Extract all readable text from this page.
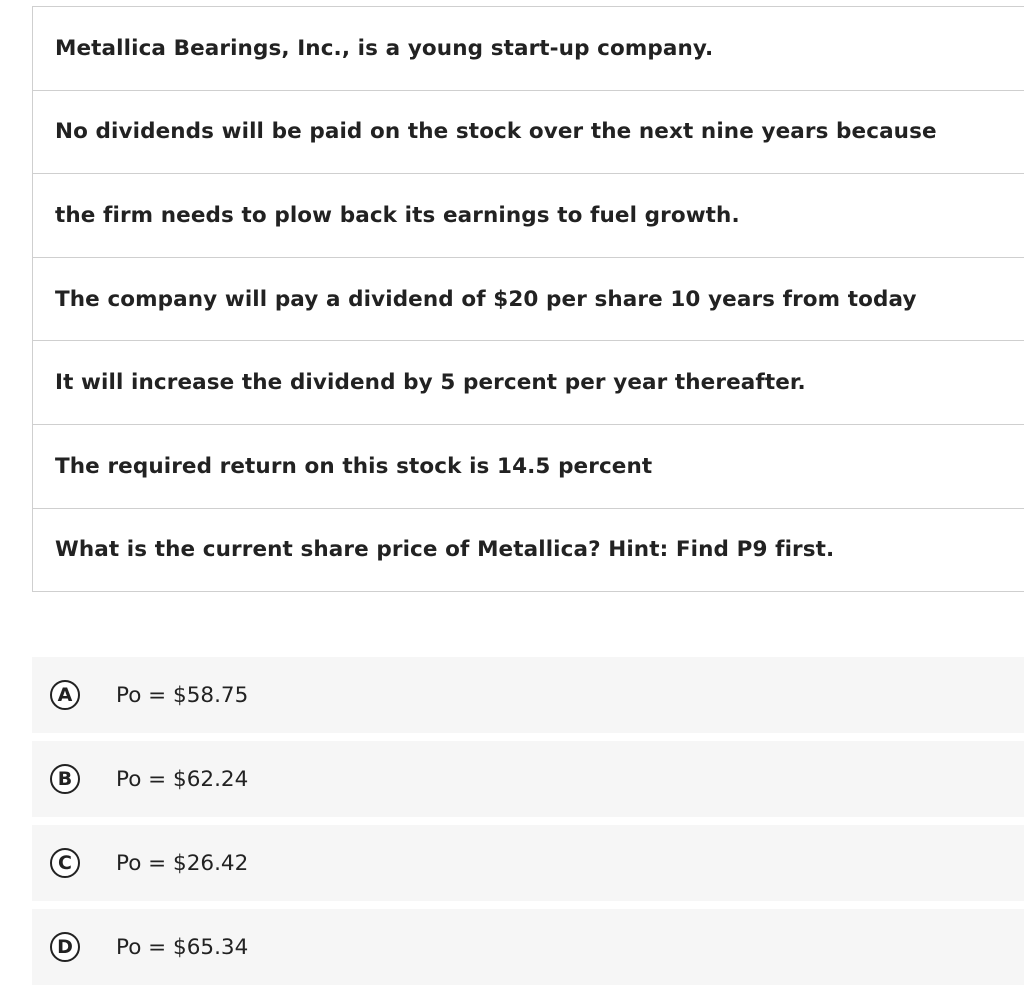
Metallica Bearings, Inc., is a young start-up company.
No dividends will be paid on the stock over the next nine years because
the firm needs to plow back its earnings to fuel growth.
The company will pay a dividend of $20 per share 10 years from today
It will increase the dividend by 5 percent per year thereafter.
The required return on this stock is 14.5 percent
What is the current share price of Metallica? Hint: Find P9 first.
A	Po = $58.75
B	Po = $62.24
C	Po = $26.42
D	Po = $65.34
